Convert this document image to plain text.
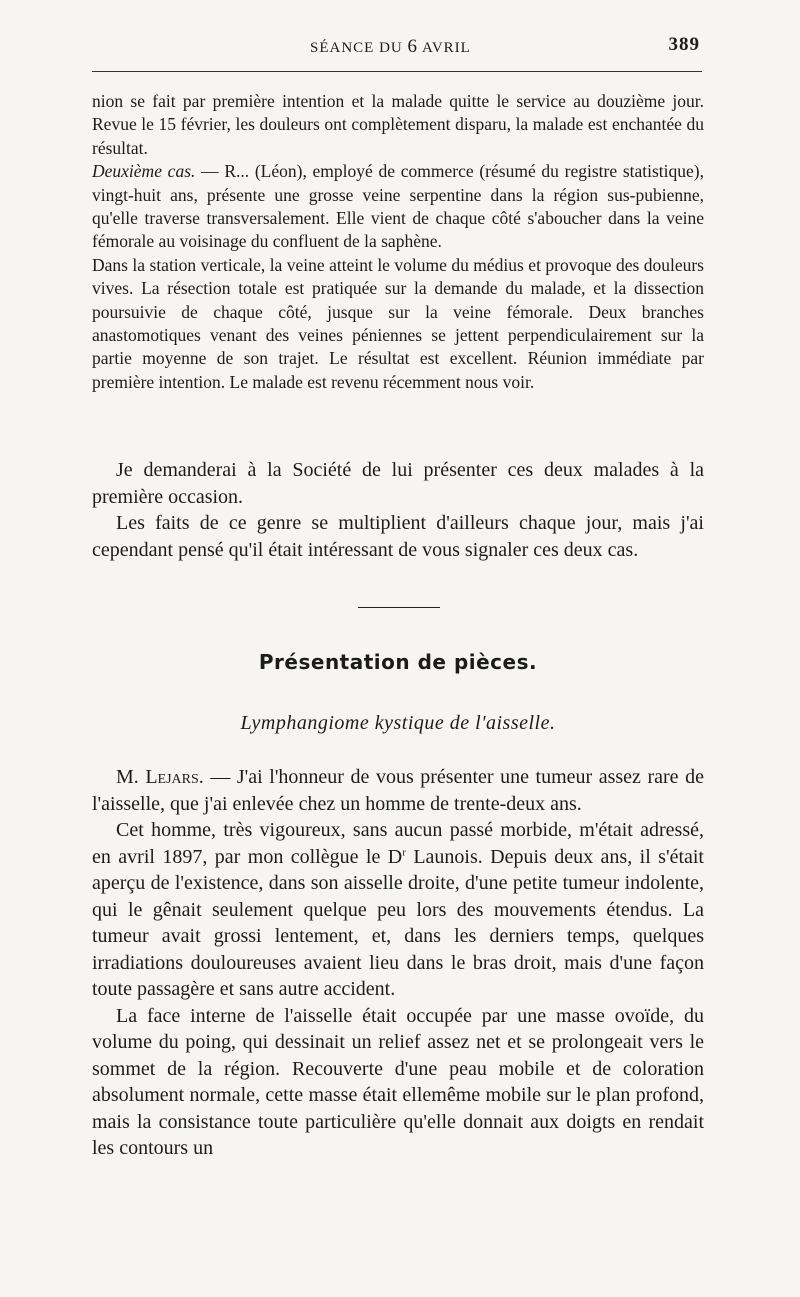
SÉANCE DU 6 AVRIL	389

nion se fait par première intention et la malade quitte le service au douzième jour. Revue le 15 février, les douleurs ont complètement disparu, la malade est enchantée du résultat.

Deuxième cas. — R... (Léon), employé de commerce (résumé du registre statistique), vingt-huit ans, présente une grosse veine serpentine dans la région sus-pubienne, qu'elle traverse transversalement. Elle vient de chaque côté s'aboucher dans la veine fémorale au voisinage du confluent de la saphène.

Dans la station verticale, la veine atteint le volume du médius et provoque des douleurs vives. La résection totale est pratiquée sur la demande du malade, et la dissection poursuivie de chaque côté, jusque sur la veine fémorale. Deux branches anastomotiques venant des veines péniennes se jettent perpendiculairement sur la partie moyenne de son trajet. Le résultat est excellent. Réunion immédiate par première intention. Le malade est revenu récemment nous voir.

Je demanderai à la Société de lui présenter ces deux malades à la première occasion.

Les faits de ce genre se multiplient d'ailleurs chaque jour, mais j'ai cependant pensé qu'il était intéressant de vous signaler ces deux cas.

Présentation de pièces.
Lymphangiome kystique de l'aisselle.

M. Lejars. — J'ai l'honneur de vous présenter une tumeur assez rare de l'aisselle, que j'ai enlevée chez un homme de trente-deux ans.

Cet homme, très vigoureux, sans aucun passé morbide, m'était adressé, en avril 1897, par mon collègue le $D^r$ Launois. Depuis deux ans, il s'était aperçu de l'existence, dans son aisselle droite, d'une petite tumeur indolente, qui le gênait seulement quelque peu lors des mouvements étendus. La tumeur avait grossi lentement, et, dans les derniers temps, quelques irradiations douloureuses avaient lieu dans le bras droit, mais d'une façon toute passagère et sans autre accident.

La face interne de l'aisselle était occupée par une masse ovoïde, du volume du poing, qui dessinait un relief assez net et se prolongeait vers le sommet de la région. Recouverte d'une peau mobile et de coloration absolument normale, cette masse était ellemême mobile sur le plan profond, mais la consistance toute particulière qu'elle donnait aux doigts en rendait les contours un
